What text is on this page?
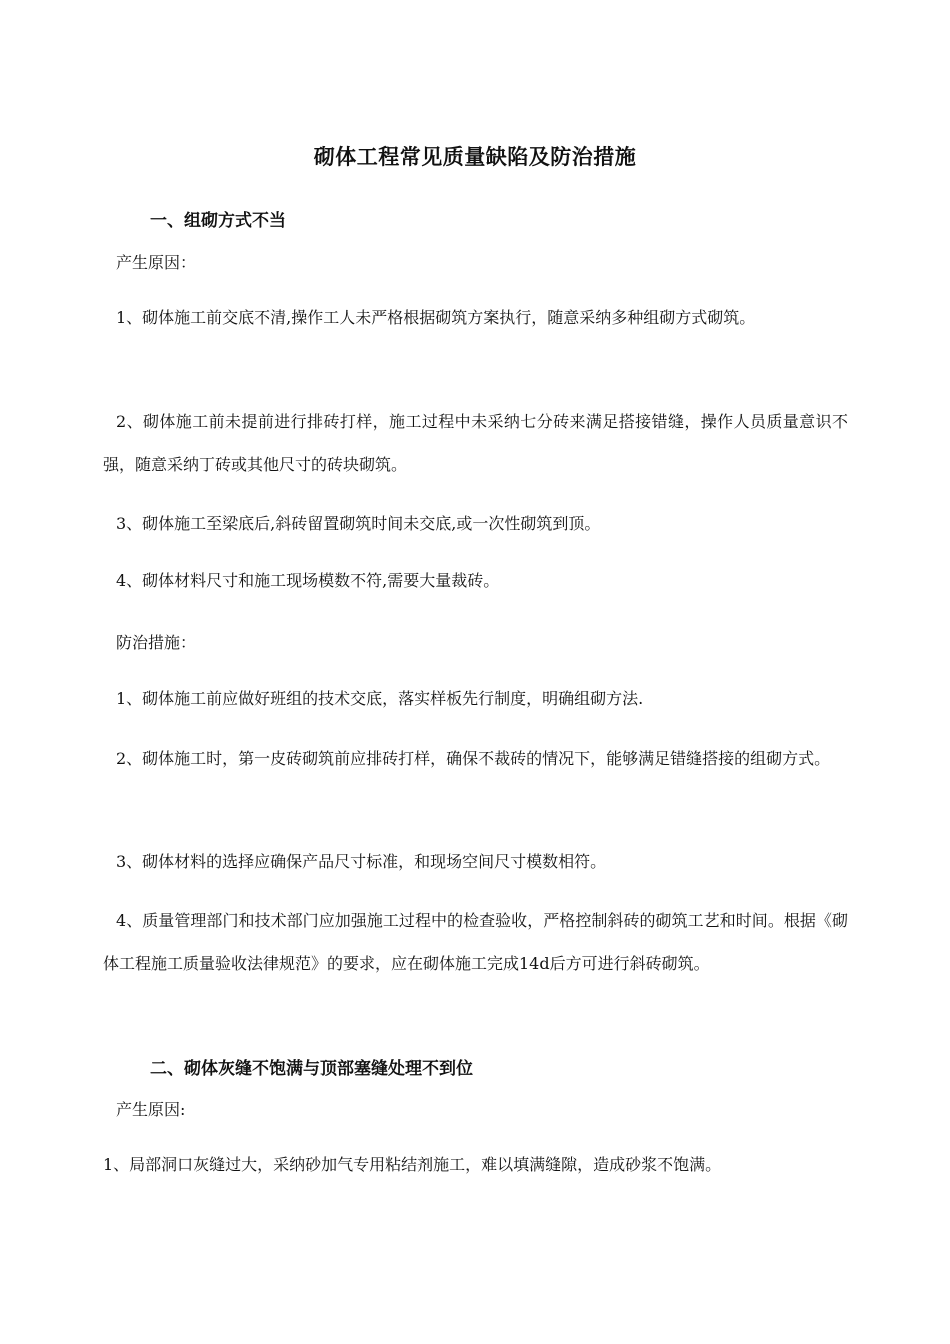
砌体工程常见质量缺陷及防治措施
一、组砌方式不当

产生原因：

1、砌体施工前交底不清,操作工人未严格根据砌筑方案执行，随意采纳多种组砌方式砌筑。

2、砌体施工前未提前进行排砖打样，施工过程中未采纳七分砖来满足搭接错缝，操作人员质量意识不强，随意采纳丁砖或其他尺寸的砖块砌筑。

3、砌体施工至梁底后,斜砖留置砌筑时间未交底,或一次性砌筑到顶。

4、砌体材料尺寸和施工现场模数不符,需要大量裁砖。

防治措施：

1、砌体施工前应做好班组的技术交底，落实样板先行制度，明确组砌方法.

2、砌体施工时，第一皮砖砌筑前应排砖打样，确保不裁砖的情况下，能够满足错缝搭接的组砌方式。

3、砌体材料的选择应确保产品尺寸标准，和现场空间尺寸模数相符。

4、质量管理部门和技术部门应加强施工过程中的检查验收，严格控制斜砖的砌筑工艺和时间。根据《砌体工程施工质量验收法律规范》的要求，应在砌体施工完成14d后方可进行斜砖砌筑。

二、砌体灰缝不饱满与顶部塞缝处理不到位

产生原因:

1、局部洞口灰缝过大，采纳砂加气专用粘结剂施工，难以填满缝隙，造成砂浆不饱满。
